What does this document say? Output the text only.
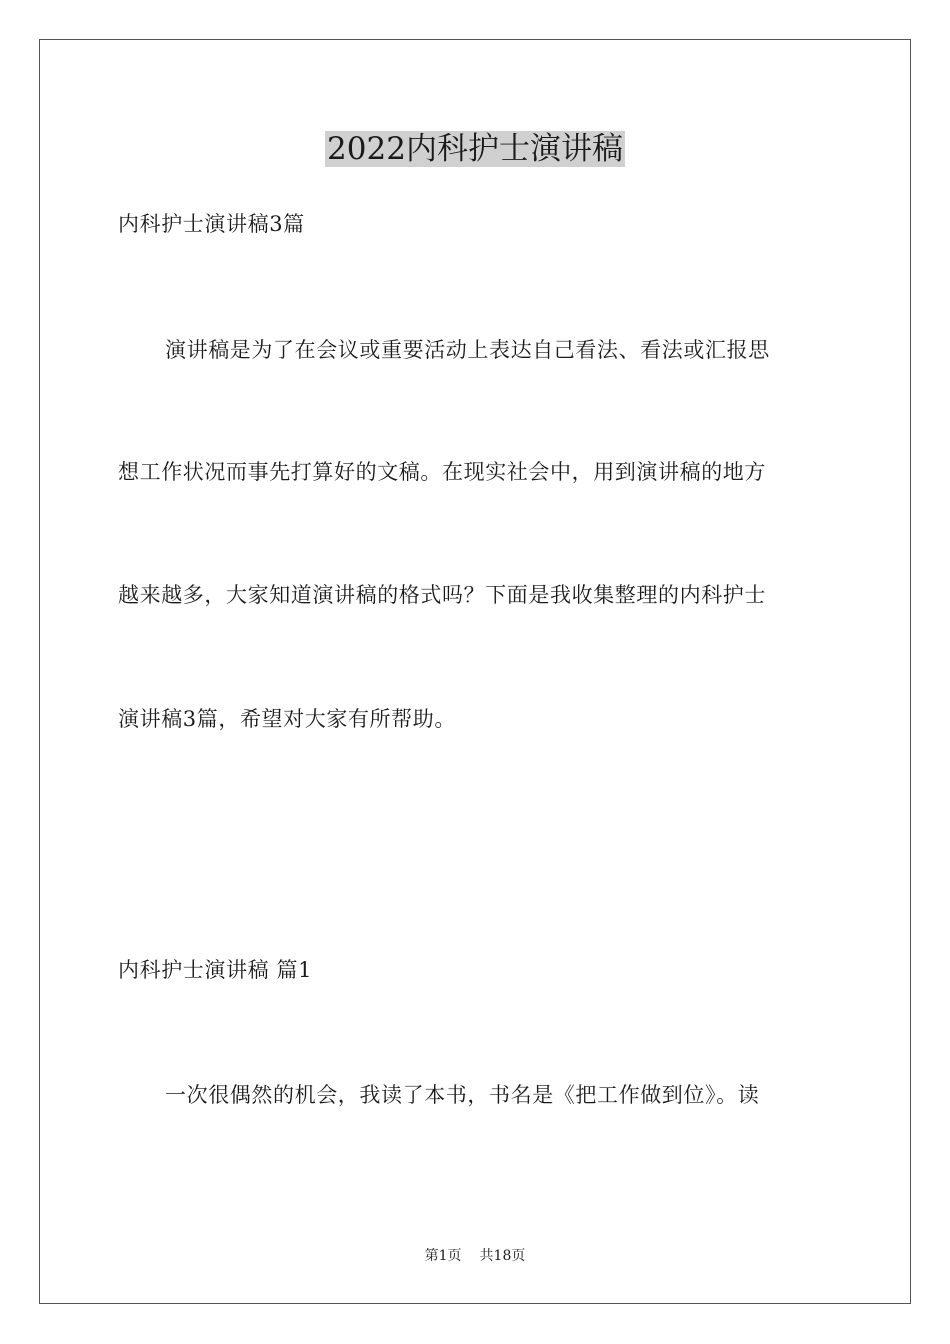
2022内科护士演讲稿
内科护士演讲稿3篇
演讲稿是为了在会议或重要活动上表达自己看法、看法或汇报思
想工作状况而事先打算好的文稿。在现实社会中，用到演讲稿的地方
越来越多，大家知道演讲稿的格式吗？下面是我收集整理的内科护士
演讲稿3篇，希望对大家有所帮助。
内科护士演讲稿 篇1
一次很偶然的机会，我读了本书，书名是《把工作做到位》。读
第1页 共18页
